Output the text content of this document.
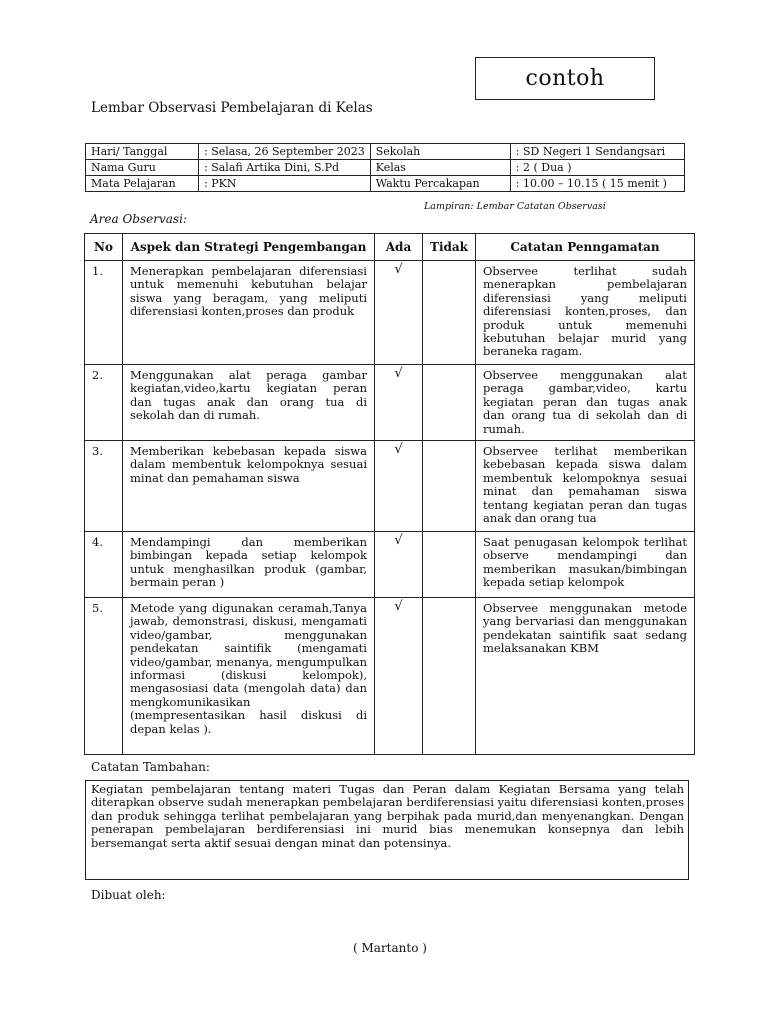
contoh
Lembar Observasi Pembelajaran di Kelas
Hari/ Tanggal	: Selasa, 26 September 2023	Sekolah	: SD Negeri 1 Sendangsari
Nama Guru	: Salafi Artika Dini, S.Pd	Kelas	: 2 ( Dua )
Mata Pelajaran	: PKN	Waktu Percakapan	: 10.00 – 10.15 ( 15 menit )
Lampiran: Lembar Catatan Observasi
Area Observasi:
No	Aspek dan Strategi Pengembangan	Ada	Tidak	Catatan Penngamatan
1.	Menerapkan pembelajaran diferensiasi untuk memenuhi kebutuhan belajar siswa yang beragam, yang meliputi diferensiasi konten,proses dan produk	√		Observee terlihat sudah menerapkan pembelajaran diferensiasi yang meliputi diferensiasi konten,proses, dan produk untuk memenuhi kebutuhan belajar murid yang beraneka ragam.
2.	Menggunakan alat peraga gambar kegiatan,video,kartu kegiatan peran dan tugas anak dan orang tua di sekolah dan di rumah.	√		Observee menggunakan alat peraga gambar,video, kartu kegiatan peran dan tugas anak dan orang tua di sekolah dan di rumah.
3.	Memberikan kebebasan kepada siswa dalam membentuk kelompoknya sesuai minat dan pemahaman siswa	√		Observee terlihat memberikan kebebasan kepada siswa dalam membentuk kelompoknya sesuai minat dan pemahaman siswa tentang kegiatan peran dan tugas anak dan orang tua
4.	Mendampingi dan memberikan bimbingan kepada setiap kelompok untuk menghasilkan produk (gambar, bermain peran )	√		Saat penugasan kelompok terlihat observe mendampingi dan memberikan masukan/bimbingan kepada setiap kelompok
5.	Metode yang digunakan ceramah,Tanya jawab, demonstrasi, diskusi, mengamati video/gambar, menggunakan pendekatan saintifik (mengamati video/gambar, menanya, mengumpulkan informasi (diskusi kelompok), mengasosiasi data (mengolah data) dan mengkomunikasikan (mempresentasikan hasil diskusi di depan kelas ).	√		Observee menggunakan metode yang bervariasi dan menggunakan pendekatan saintifik saat sedang melaksanakan KBM
Catatan Tambahan:
Kegiatan pembelajaran tentang materi Tugas dan Peran dalam Kegiatan Bersama yang telah diterapkan observe sudah menerapkan pembelajaran berdiferensiasi yaitu diferensiasi konten,proses dan produk sehingga terlihat pembelajaran yang berpihak pada murid,dan menyenangkan. Dengan penerapan pembelajaran berdiferensiasi ini murid bias menemukan konsepnya dan lebih bersemangat serta aktif sesuai dengan minat dan potensinya.
Dibuat oleh:
( Martanto )
